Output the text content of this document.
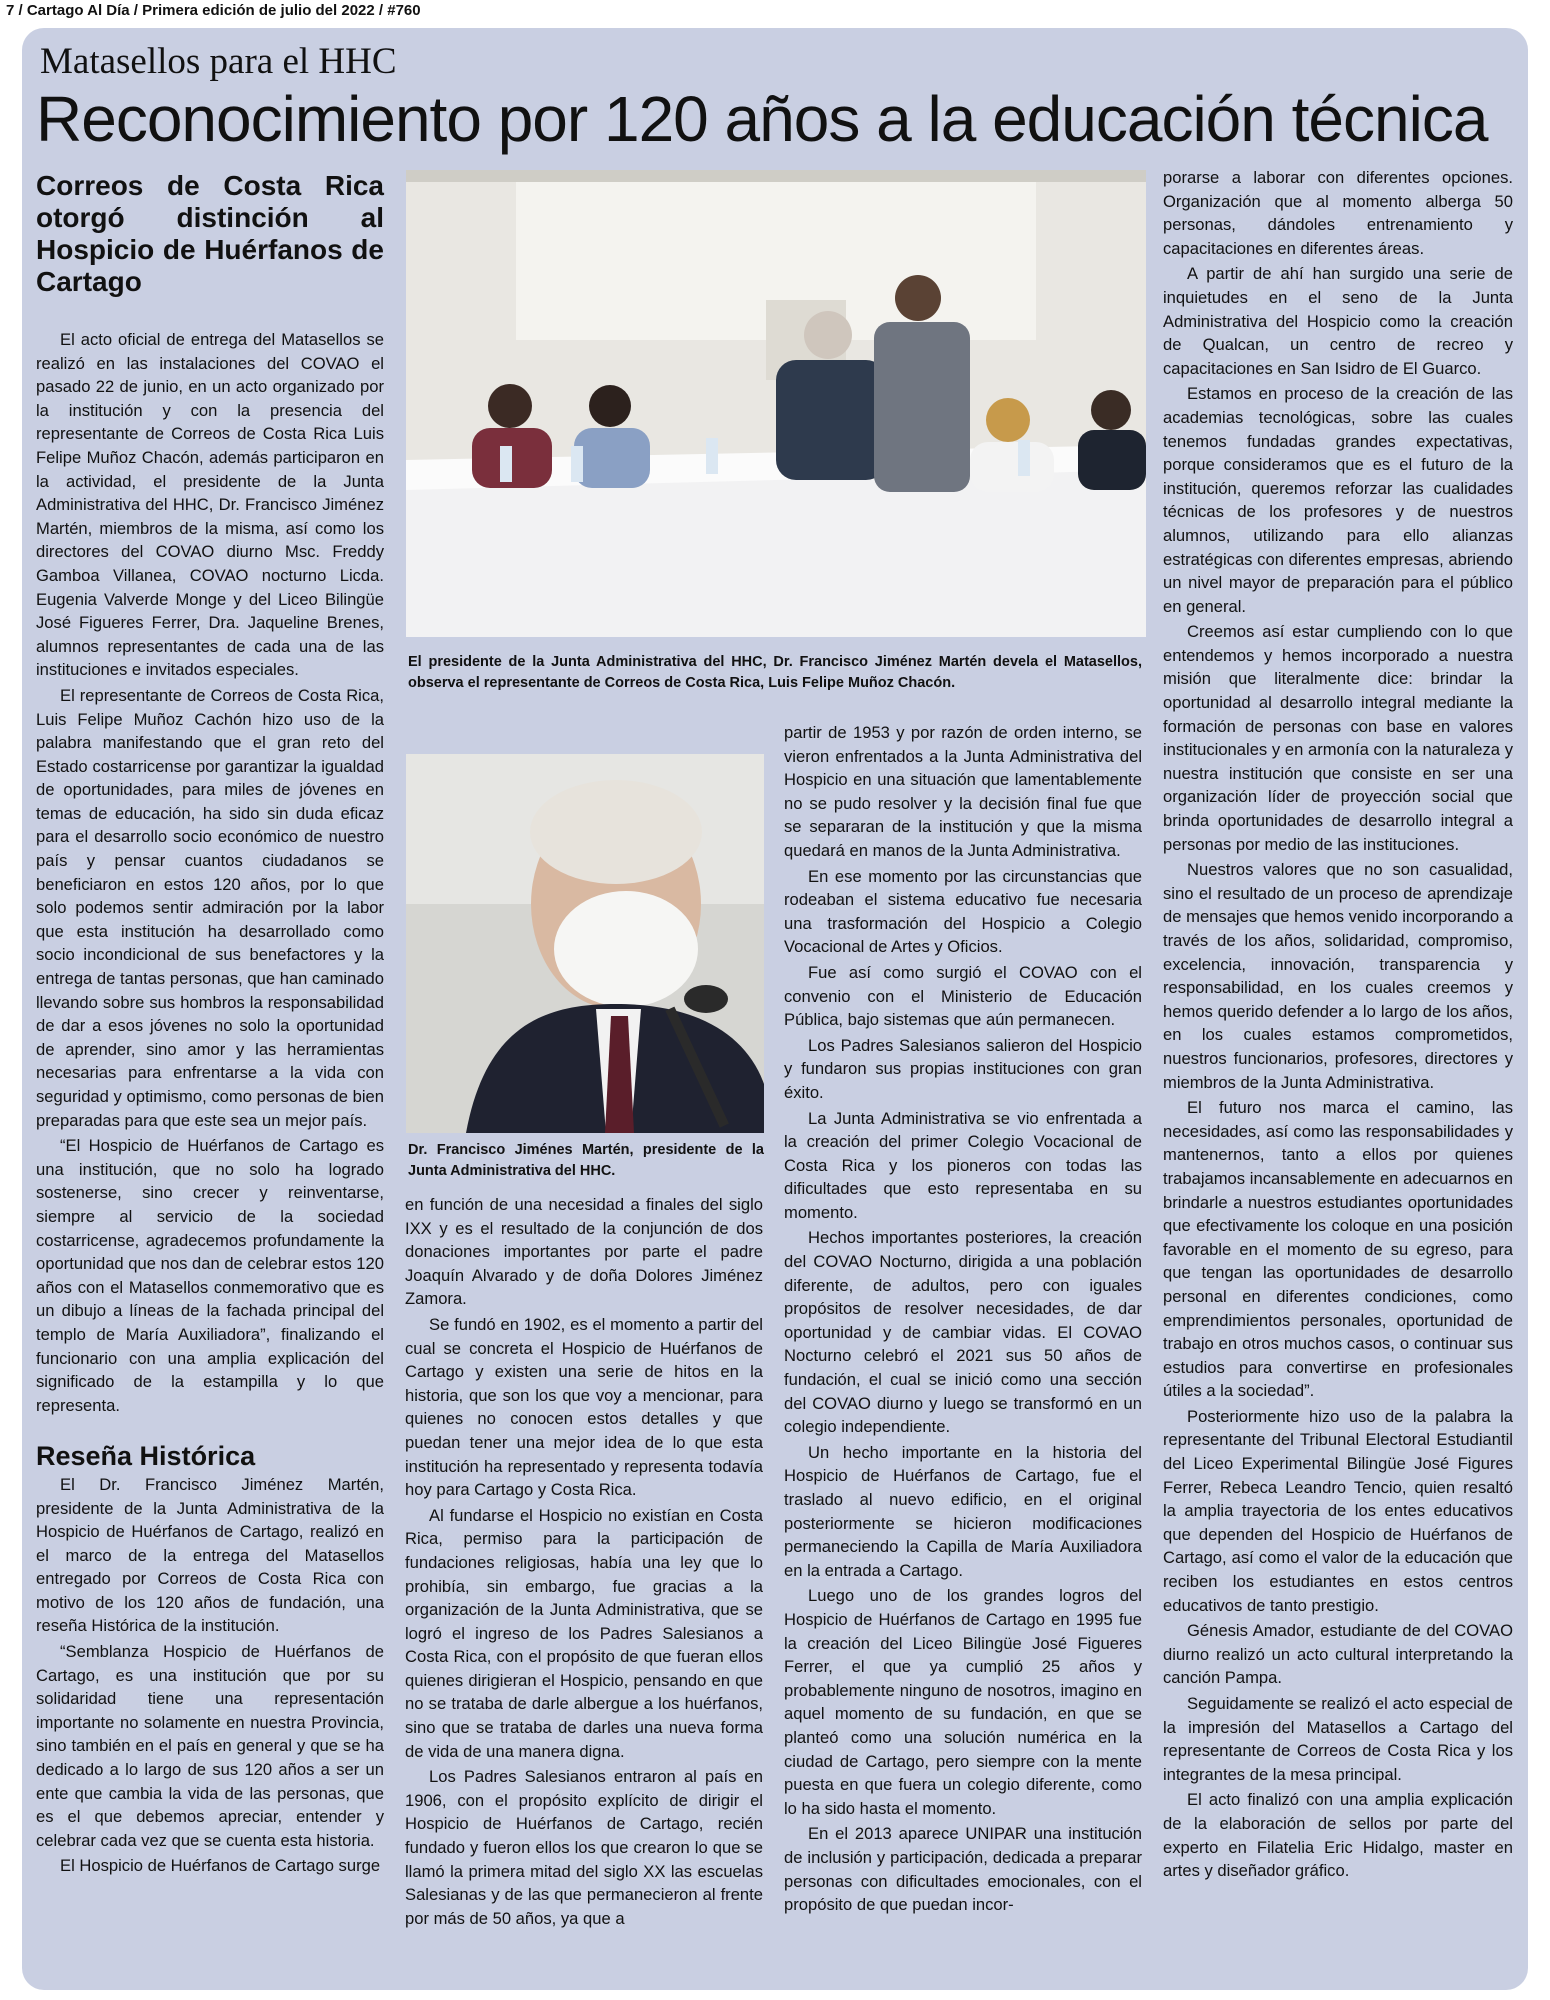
7 / Cartago Al Día / Primera edición de julio del 2022 / #760
Matasellos para el HHC
Reconocimiento por 120 años a la educación técnica
Correos de Costa Rica otorgó distinción al Hospicio de Huérfanos de Cartago

El acto oficial de entrega del Matasellos se realizó en las instalaciones del COVAO el pasado 22 de junio, en un acto organizado por la institución y con la presencia del representante de Correos de Costa Rica Luis Felipe Muñoz Chacón, además participaron en la actividad, el presidente de la Junta Administrativa del HHC, Dr. Francisco Jiménez Martén, miembros de la misma, así como los directores del COVAO diurno Msc. Freddy Gamboa Villanea, COVAO nocturno Licda. Eugenia Valverde Monge y del Liceo Bilingüe José Figueres Ferrer, Dra. Jaqueline Brenes, alumnos representantes de cada una de las instituciones e invitados especiales.

El representante de Correos de Costa Rica, Luis Felipe Muñoz Cachón hizo uso de la palabra manifestando que el gran reto del Estado costarricense por garantizar la igualdad de oportunidades, para miles de jóvenes en temas de educación, ha sido sin duda eficaz para el desarrollo socio económico de nuestro país y pensar cuantos ciudadanos se beneficiaron en estos 120 años, por lo que solo podemos sentir admiración por la labor que esta institución ha desarrollado como socio incondicional de sus benefactores y la entrega de tantas personas, que han caminado llevando sobre sus hombros la responsabilidad de dar a esos jóvenes no solo la oportunidad de aprender, sino amor y las herramientas necesarias para enfrentarse a la vida con seguridad y optimismo, como personas de bien preparadas para que este sea un mejor país.

“El Hospicio de Huérfanos de Cartago es una institución, que no solo ha logrado sostenerse, sino crecer y reinventarse, siempre al servicio de la sociedad costarricense, agradecemos profundamente la oportunidad que nos dan de celebrar estos 120 años con el Matasellos conmemorativo que es un dibujo a líneas de la fachada principal del templo de María Auxiliadora”, finalizando el funcionario con una amplia explicación del significado de la estampilla y lo que representa.

Reseña Histórica

El Dr. Francisco Jiménez Martén, presidente de la Junta Administrativa de la Hospicio de Huérfanos de Cartago, realizó en el marco de la entrega del Matasellos entregado por Correos de Costa Rica con motivo de los 120 años de fundación, una reseña Histórica de la institución.

“Semblanza Hospicio de Huérfanos de Cartago, es una institución que por su solidaridad tiene una representación importante no solamente en nuestra Provincia, sino también en el país en general y que se ha dedicado a lo largo de sus 120 años a ser un ente que cambia la vida de las personas, que es el que debemos apreciar, entender y celebrar cada vez que se cuenta esta historia.

El Hospicio de Huérfanos de Cartago surge

El presidente de la Junta Administrativa del HHC, Dr. Francisco Jiménez Martén devela el Matasellos, observa el representante de Correos de Costa Rica, Luis Felipe Muñoz Chacón.
Dr. Francisco Jiménes Martén, presidente de la Junta Administrativa del HHC.

en función de una necesidad a finales del siglo IXX y es el resultado de la conjunción de dos donaciones importantes por parte el padre Joaquín Alvarado y de doña Dolores Jiménez Zamora.

Se fundó en 1902, es el momento a partir del cual se concreta el Hospicio de Huérfanos de Cartago y existen una serie de hitos en la historia, que son los que voy a mencionar, para quienes no conocen estos detalles y que puedan tener una mejor idea de lo que esta institución ha representado y representa todavía hoy para Cartago y Costa Rica.

Al fundarse el Hospicio no existían en Costa Rica, permiso para la participación de fundaciones religiosas, había una ley que lo prohibía, sin embargo, fue gracias a la organización de la Junta Administrativa, que se logró el ingreso de los Padres Salesianos a Costa Rica, con el propósito de que fueran ellos quienes dirigieran el Hospicio, pensando en que no se trataba de darle albergue a los huérfanos, sino que se trataba de darles una nueva forma de vida de una manera digna.

Los Padres Salesianos entraron al país en 1906, con el propósito explícito de dirigir el Hospicio de Huérfanos de Cartago, recién fundado y fueron ellos los que crearon lo que se llamó la primera mitad del siglo XX las escuelas Salesianas y de las que permanecieron al frente por más de 50 años, ya que a

partir de 1953 y por razón de orden interno, se vieron enfrentados a la Junta Administrativa del Hospicio en una situación que lamentablemente no se pudo resolver y la decisión final fue que se separaran de la institución y que la misma quedará en manos de la Junta Administrativa.

En ese momento por las circunstancias que rodeaban el sistema educativo fue necesaria una trasformación del Hospicio a Colegio Vocacional de Artes y Oficios.

Fue así como surgió el COVAO con el convenio con el Ministerio de Educación Pública, bajo sistemas que aún permanecen.

Los Padres Salesianos salieron del Hospicio y fundaron sus propias instituciones con gran éxito.

La Junta Administrativa se vio enfrentada a la creación del primer Colegio Vocacional de Costa Rica y los pioneros con todas las dificultades que esto representaba en su momento.

Hechos importantes posteriores, la creación del COVAO Nocturno, dirigida a una población diferente, de adultos, pero con iguales propósitos de resolver necesidades, de dar oportunidad y de cambiar vidas. El COVAO Nocturno celebró el 2021 sus 50 años de fundación, el cual se inició como una sección del COVAO diurno y luego se transformó en un colegio independiente.

Un hecho importante en la historia del Hospicio de Huérfanos de Cartago, fue el traslado al nuevo edificio, en el original posteriormente se hicieron modificaciones permaneciendo la Capilla de María Auxiliadora en la entrada a Cartago.

Luego uno de los grandes logros del Hospicio de Huérfanos de Cartago en 1995 fue la creación del Liceo Bilingüe José Figueres Ferrer, el que ya cumplió 25 años y probablemente ninguno de nosotros, imagino en aquel momento de su fundación, en que se planteó como una solución numérica en la ciudad de Cartago, pero siempre con la mente puesta en que fuera un colegio diferente, como lo ha sido hasta el momento.

En el 2013 aparece UNIPAR una institución de inclusión y participación, dedicada a preparar personas con dificultades emocionales, con el propósito de que puedan incor-

porarse a laborar con diferentes opciones. Organización que al momento alberga 50 personas, dándoles entrenamiento y capacitaciones en diferentes áreas.

A partir de ahí han surgido una serie de inquietudes en el seno de la Junta Administrativa del Hospicio como la creación de Qualcan, un centro de recreo y capacitaciones en San Isidro de El Guarco.

Estamos en proceso de la creación de las academias tecnológicas, sobre las cuales tenemos fundadas grandes expectativas, porque consideramos que es el futuro de la institución, queremos reforzar las cualidades técnicas de los profesores y de nuestros alumnos, utilizando para ello alianzas estratégicas con diferentes empresas, abriendo un nivel mayor de preparación para el público en general.

Creemos así estar cumpliendo con lo que entendemos y hemos incorporado a nuestra misión que literalmente dice: brindar la oportunidad al desarrollo integral mediante la formación de personas con base en valores institucionales y en armonía con la naturaleza y nuestra institución que consiste en ser una organización líder de proyección social que brinda oportunidades de desarrollo integral a personas por medio de las instituciones.

Nuestros valores que no son casualidad, sino el resultado de un proceso de aprendizaje de mensajes que hemos venido incorporando a través de los años, solidaridad, compromiso, excelencia, innovación, transparencia y responsabilidad, en los cuales creemos y hemos querido defender a lo largo de los años, en los cuales estamos comprometidos, nuestros funcionarios, profesores, directores y miembros de la Junta Administrativa.

El futuro nos marca el camino, las necesidades, así como las responsabilidades y mantenernos, tanto a ellos por quienes trabajamos incansablemente en adecuarnos en brindarle a nuestros estudiantes oportunidades que efectivamente los coloque en una posición favorable en el momento de su egreso, para que tengan las oportunidades de desarrollo personal en diferentes condiciones, como emprendimientos personales, oportunidad de trabajo en otros muchos casos, o continuar sus estudios para convertirse en profesionales útiles a la sociedad”.

Posteriormente hizo uso de la palabra la representante del Tribunal Electoral Estudiantil del Liceo Experimental Bilingüe José Figures Ferrer, Rebeca Leandro Tencio, quien resaltó la amplia trayectoria de los entes educativos que dependen del Hospicio de Huérfanos de Cartago, así como el valor de la educación que reciben los estudiantes en estos centros educativos de tanto prestigio.

Génesis Amador, estudiante de del COVAO diurno realizó un acto cultural interpretando la canción Pampa.

Seguidamente se realizó el acto especial de la impresión del Matasellos a Cartago del representante de Correos de Costa Rica y los integrantes de la mesa principal.

El acto finalizó con una amplia explicación de la elaboración de sellos por parte del experto en Filatelia Eric Hidalgo, master en artes y diseñador gráfico.
